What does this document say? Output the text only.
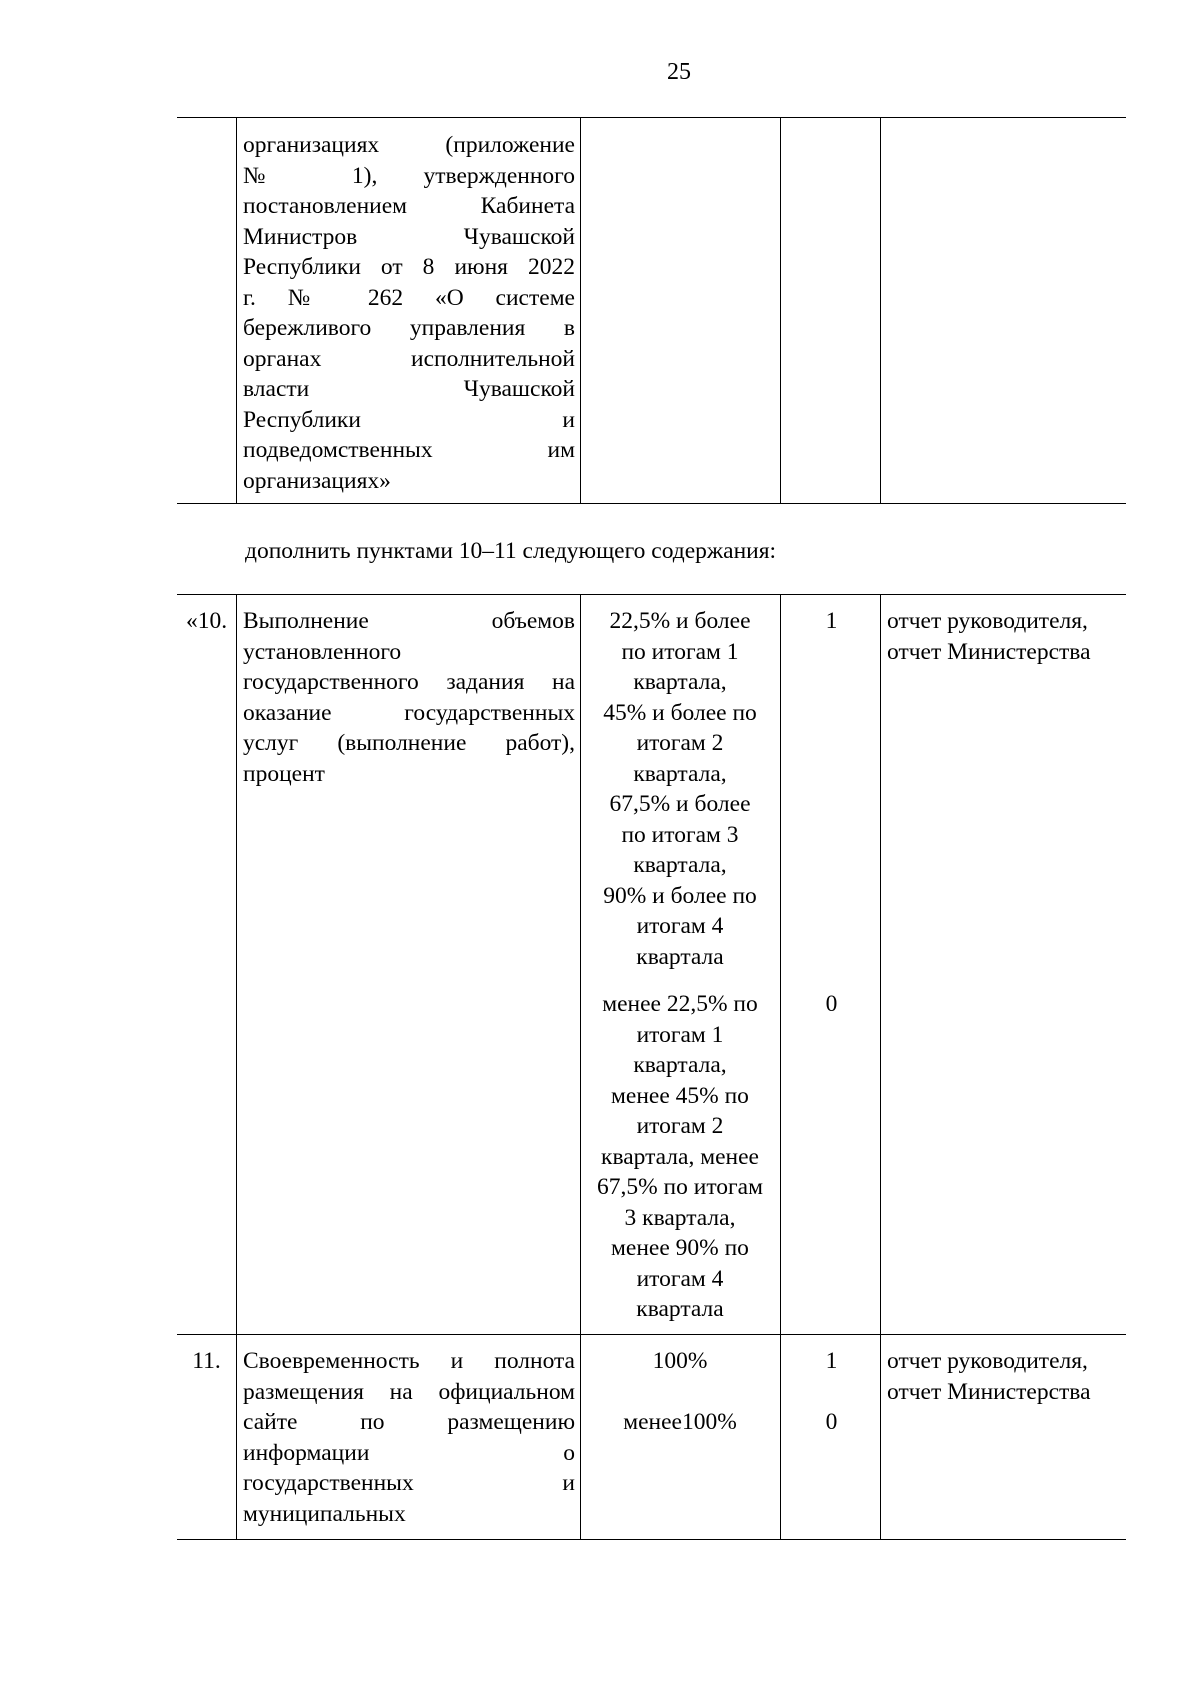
25
организациях (приложение
№ 1), утвержденного
постановлением Кабинета
Министров Чувашской
Республики от 8 июня 2022
г. № 262 «О системе
бережливого управления в
органах исполнительной
власти Чувашской
Республики и
подведомственных им
организациях»
дополнить пунктами 10–11 следующего содержания:
«10. Выполнение объемов
установленного
государственного задания на
оказание государственных
услуг (выполнение работ),
процент
22,5% и более
по итогам 1
квартала,
45% и более по
итогам 2
квартала,
67,5% и более
по итогам 3
квартала,
90% и более по
итогам 4
квартала
1
менее 22,5% по
итогам 1
квартала,
менее 45% по
итогам 2
квартала, менее
67,5% по итогам
3 квартала,
менее 90% по
итогам 4
квартала
0
отчет руководителя,
отчет Министерства
11. Своевременность и полнота
размещения на официальном
сайте по размещению
информации о
государственных и
муниципальных
100%	1
менее100%	0
отчет руководителя,
отчет Министерства
